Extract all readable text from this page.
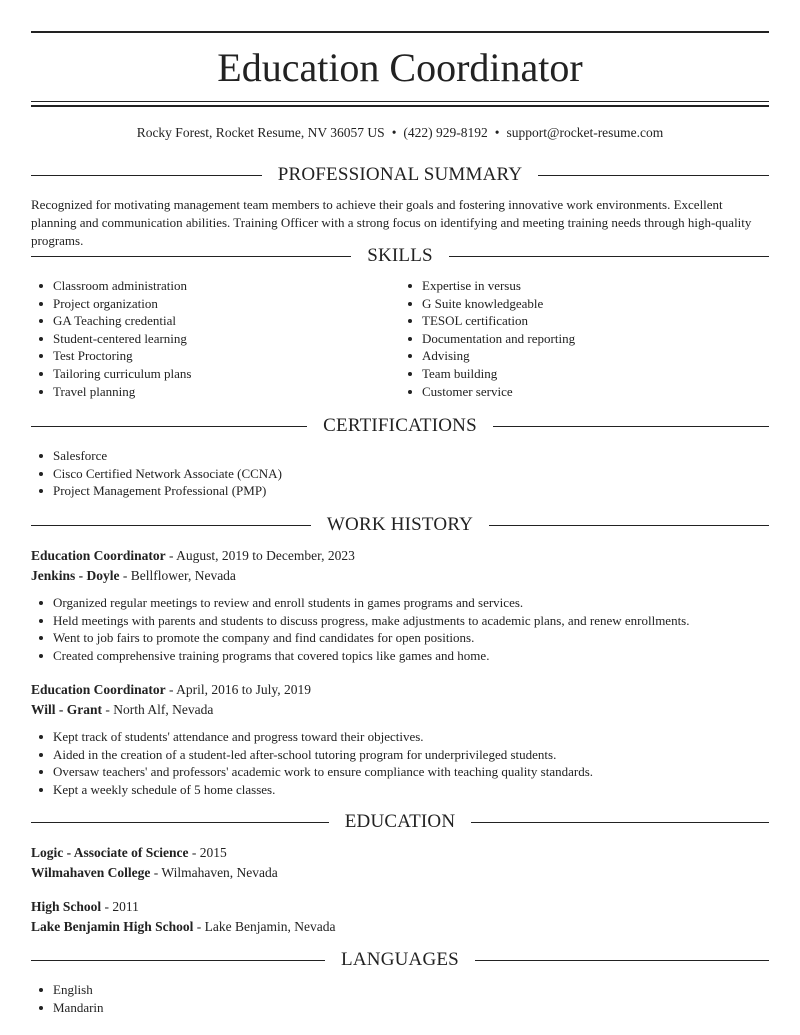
Education Coordinator
Rocky Forest, Rocket Resume, NV 36057 US • (422) 929-8192 • support@rocket-resume.com
PROFESSIONAL SUMMARY
Recognized for motivating management team members to achieve their goals and fostering innovative work environments. Excellent planning and communication abilities. Training Officer with a strong focus on identifying and meeting training needs through high-quality programs.
SKILLS
Classroom administration
Project organization
GA Teaching credential
Student-centered learning
Test Proctoring
Tailoring curriculum plans
Travel planning
Expertise in versus
G Suite knowledgeable
TESOL certification
Documentation and reporting
Advising
Team building
Customer service
CERTIFICATIONS
Salesforce
Cisco Certified Network Associate (CCNA)
Project Management Professional (PMP)
WORK HISTORY
Education Coordinator - August, 2019 to December, 2023
Jenkins - Doyle - Bellflower, Nevada
Organized regular meetings to review and enroll students in games programs and services.
Held meetings with parents and students to discuss progress, make adjustments to academic plans, and renew enrollments.
Went to job fairs to promote the company and find candidates for open positions.
Created comprehensive training programs that covered topics like games and home.
Education Coordinator - April, 2016 to July, 2019
Will - Grant - North Alf, Nevada
Kept track of students' attendance and progress toward their objectives.
Aided in the creation of a student-led after-school tutoring program for underprivileged students.
Oversaw teachers' and professors' academic work to ensure compliance with teaching quality standards.
Kept a weekly schedule of 5 home classes.
EDUCATION
Logic - Associate of Science - 2015
Wilmahaven College - Wilmahaven, Nevada
High School - 2011
Lake Benjamin High School - Lake Benjamin, Nevada
LANGUAGES
English
Mandarin
